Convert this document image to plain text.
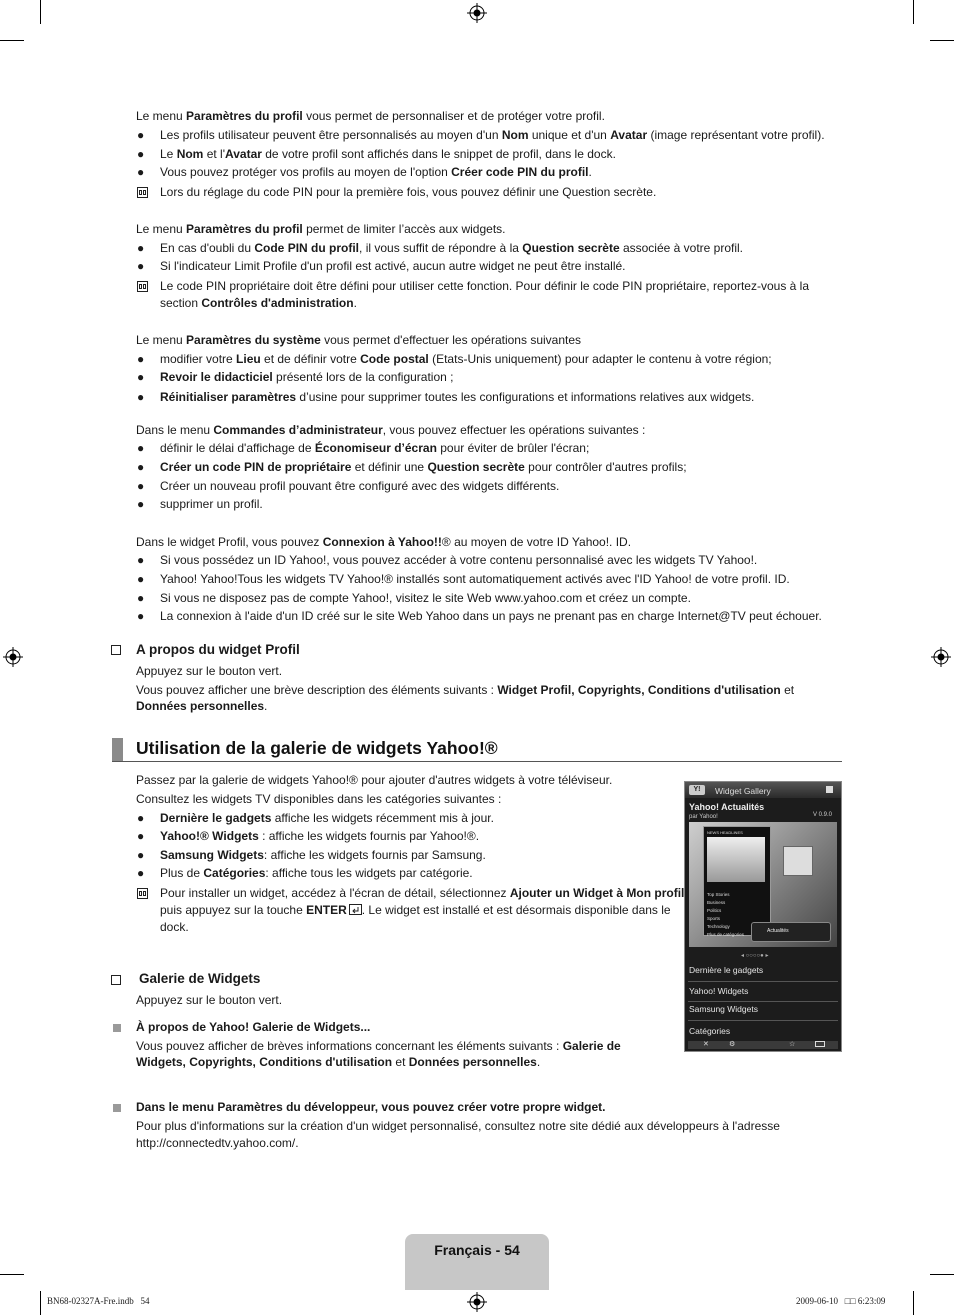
Le menu Paramètres du profil vous permet de personnaliser et de protéger votre profil.
● Les profils utilisateur peuvent être personnalisés au moyen d'un Nom unique et d'un Avatar (image représentant votre profil).
● Le Nom et l'Avatar de votre profil sont affichés dans le snippet de profil, dans le dock.
● Vous pouvez protéger vos profils au moyen de l'option Créer code PIN du profil.
Lors du réglage du code PIN pour la première fois, vous pouvez définir une Question secrète.
Le menu Paramètres du profil permet de limiter l’accès aux widgets.
● En cas d'oubli du Code PIN du profil, il vous suffit de répondre à la Question secrète associée à votre profil.
● Si l'indicateur Limit Profile d'un profil est activé, aucun autre widget ne peut être installé.
Le code PIN propriétaire doit être défini pour utiliser cette fonction. Pour définir le code PIN propriétaire, reportez-vous à la
section Contrôles d'administration.
Le menu Paramètres du système vous permet d'effectuer les opérations suivantes
● modifier votre Lieu et de définir votre Code postal (Etats-Unis uniquement) pour adapter le contenu à votre région;
● Revoir le didacticiel présenté lors de la configuration ;
● Réinitialiser paramètres d’usine pour supprimer toutes les configurations et informations relatives aux widgets.
Dans le menu Commandes d’administrateur, vous pouvez effectuer les opérations suivantes :
● définir le délai d'affichage de Économiseur d’écran pour éviter de brûler l'écran;
● Créer un code PIN de propriétaire et définir une Question secrète pour contrôler d'autres profils;
● Créer un nouveau profil pouvant être configuré avec des widgets différents.
● supprimer un profil.
Dans le widget Profil, vous pouvez Connexion à Yahoo!!® au moyen de votre ID Yahoo!. ID.
● Si vous possédez un ID Yahoo!, vous pouvez accéder à votre contenu personnalisé avec les widgets TV Yahoo!.
● Yahoo! Yahoo!Tous les widgets TV Yahoo!® installés sont automatiquement activés avec l'ID Yahoo! de votre profil. ID.
● Si vous ne disposez pas de compte Yahoo!, visitez le site Web www.yahoo.com et créez un compte.
● La connexion à l'aide d'un ID créé sur le site Web Yahoo dans un pays ne prenant pas en charge Internet@TV peut échouer.
A propos du widget Profil
Appuyez sur le bouton vert.
Vous pouvez afficher une brève description des éléments suivants : Widget Profil, Copyrights, Conditions d'utilisation et
Données personnelles.
Utilisation de la galerie de widgets Yahoo!®
Passez par la galerie de widgets Yahoo!® pour ajouter d'autres widgets à votre téléviseur.
Consultez les widgets TV disponibles dans les catégories suivantes :
● Dernière le gadgets affiche les widgets récemment mis à jour.
● Yahoo!® Widgets : affiche les widgets fournis par Yahoo!®.
● Samsung Widgets: affiche les widgets fournis par Samsung.
● Plus de Catégories: affiche tous les widgets par catégorie.
Pour installer un widget, accédez à l'écran de détail, sélectionnez Ajouter un Widget à Mon profil
puis appuyez sur la touche ENTER . Le widget est installé et est désormais disponible dans le
dock.
Y!	Widget Gallery
Yahoo! Actualités
par Yahoo!	V 0.9.0
NEWS HEADLINES
Top Stories
Business
Politics
Sports
Technology
Plus de catégories
Actualités
◂ ○○○○● ▸
Dernière le gadgets
Yahoo! Widgets
Samsung Widgets
Catégories
✕	⚙	☆
Galerie de Widgets
Appuyez sur le bouton vert.
À propos de Yahoo! Galerie de Widgets...
Vous pouvez afficher de brèves informations concernant les éléments suivants : Galerie de
Widgets, Copyrights, Conditions d'utilisation et Données personnelles.
Dans le menu Paramètres du développeur, vous pouvez créer votre propre widget.
Pour plus d'informations sur la création d'un widget personnalisé, consultez notre site dédié aux développeurs à l'adresse
http://connectedtv.yahoo.com/.
Français - 54
BN68-02327A-Fre.indb   54	2009-06-10   □□ 6:23:09
